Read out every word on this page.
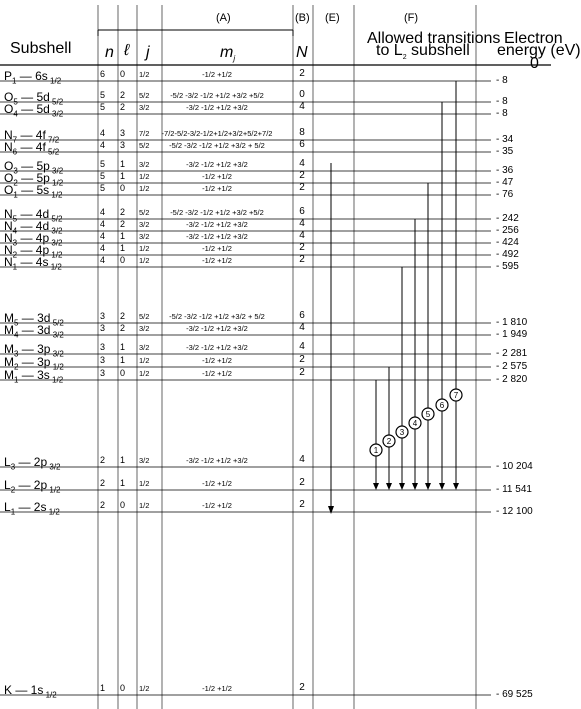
1
2
3
4
5
6
7
(A)	(B) (E)	(F)
Subshell n ℓ j	$m_j$	N
Allowed transitions
to $L_2$ subshell
Electron
energy (eV)
0
$P_1$ — 6s $_{1/2}$
6 0 1/2	-1/2 +1/2	2
- 8
$O_5$ — 5d $_{5/2}$
5 2 5/2	-5/2 -3/2 -1/2 +1/2 +3/2 +5/2	0
- 8
$O_4$ — 5d $_{3/2}$
5 2 3/2	-3/2 -1/2 +1/2 +3/2	4
- 8
$N_7$ — 4f $_{7/2}$
4 3 7/2	-7/2-5/2-3/2-1/2+1/2+3/2+5/2+7/2	8
- 34
$N_6$ — 4f $_{5/2}$
4 3 5/2	-5/2 -3/2 -1/2 +1/2 +3/2 + 5/2	6
- 35
$O_3$ — 5p $_{3/2}$
5 1 3/2	-3/2 -1/2 +1/2 +3/2	4
- 36
$O_2$ — 5p $_{1/2}$
5 1 1/2	-1/2 +1/2	2
- 47
$O_1$ — 5s $_{1/2}$
5 0 1/2	-1/2 +1/2	2
- 76
$N_5$ — 4d $_{5/2}$
4 2 5/2	-5/2 -3/2 -1/2 +1/2 +3/2 +5/2	6
- 242
$N_4$ — 4d $_{3/2}$
4 2 3/2	-3/2 -1/2 +1/2 +3/2	4
- 256
$N_3$ — 4p $_{3/2}$
4 1 3/2	-3/2 -1/2 +1/2 +3/2	4
- 424
$N_2$ — 4p $_{1/2}$
4 1 1/2	-1/2 +1/2	2
- 492
$N_1$ — 4s $_{1/2}$
4 0 1/2	-1/2 +1/2	2
- 595
$M_5$ — 3d $_{5/2}$
3 2 5/2	-5/2 -3/2 -1/2 +1/2 +3/2 + 5/2	6
- 1 810
$M_4$ — 3d $_{3/2}$
3 2 3/2	-3/2 -1/2 +1/2 +3/2	4
- 1 949
$M_3$ — 3p $_{3/2}$
3 1 3/2	-3/2 -1/2 +1/2 +3/2	4
- 2 281
$M_2$ — 3p $_{1/2}$
3 1 1/2	-1/2 +1/2	2
- 2 575
$M_1$ — 3s $_{1/2}$
3 0 1/2	-1/2 +1/2	2
- 2 820
$L_3$ — 2p $_{3/2}$
2 1 3/2	-3/2 -1/2 +1/2 +3/2	4
- 10 204
$L_2$ — 2p $_{1/2}$
2 1 1/2	-1/2 +1/2	2
- 11 541
$L_1$ — 2s $_{1/2}$
2 0 1/2	-1/2 +1/2	2
- 12 100
K — 1s $_{1/2}$
1 0 1/2	-1/2 +1/2	2
- 69 525
